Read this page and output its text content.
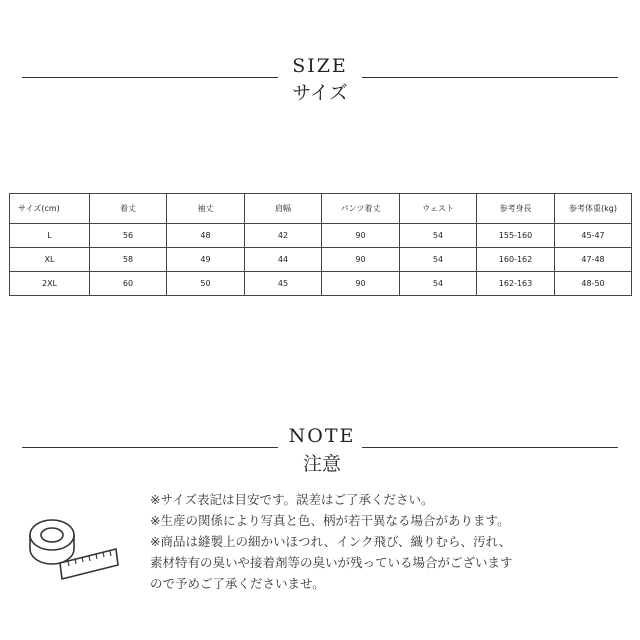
SIZE
サイズ
サイズ(cm)	着丈	袖丈	肩幅	パンツ着丈	ウェスト	参考身長	参考体重(kg)
L	56	48	42	90	54	155-160	45-47
XL	58	49	44	90	54	160-162	47-48
2XL	60	50	45	90	54	162-163	48-50
NOTE
注意
※サイズ表記は目安です。誤差はご了承ください。
※生産の関係により写真と色、柄が若干異なる場合があります。
※商品は縫製上の細かいほつれ、インク飛び、織りむら、汚れ、
素材特有の臭いや接着剤等の臭いが残っている場合がございます
ので予めご了承くださいませ。
